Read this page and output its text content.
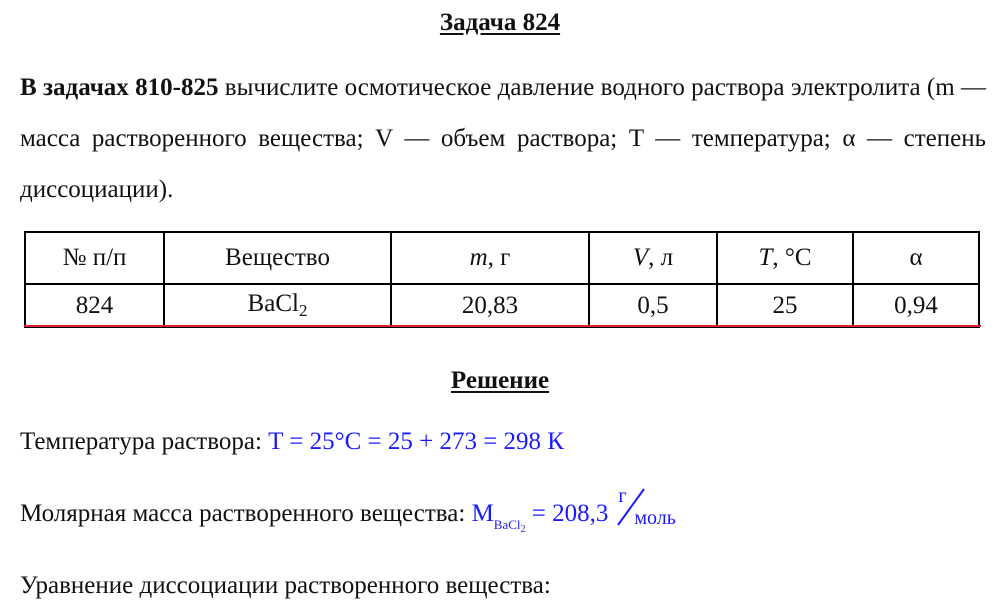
Задача 824
В задачах 810-825 вычислите осмотическое давление водного раствора электролита (m — масса растворенного вещества; V — объем раствора; T — температура; α — степень диссоциации).
№ п/п	Вещество	m, г	V, л	T, °С	α
824	BaCl$_2$	20,83	0,5	25	0,94
Решение
Температура раствора: T = 25°С = 25 + 273 = 298 К
Молярная масса растворенного вещества: $M_{BaCl_2} = 208,3$
г
моль
Уравнение диссоциации растворенного вещества:
